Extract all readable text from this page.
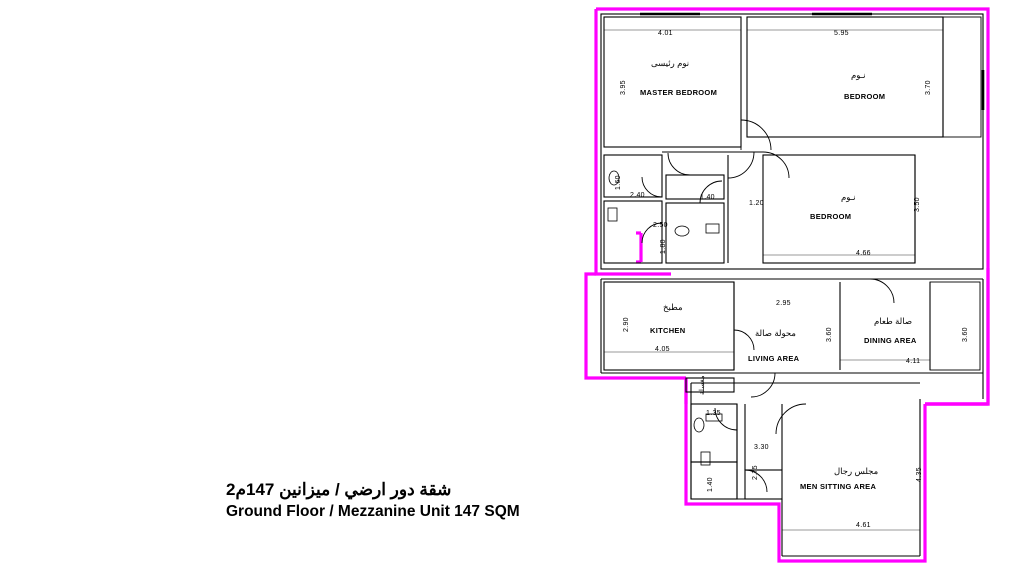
نوم رئيسى
MASTER BEDROOM
4.01
3.95
نـوم
BEDROOM
5.95
3.70
نـوم
BEDROOM
4.66
3.50
مطبخ
KITCHEN
4.05
2.90
محولة صالة
LIVING AREA
2.95
3.60
صالة طعام
DINING AREA
4.11
3.60
مجلس رجال
MEN SITTING AREA
4.61
4.35
2.40
1.60
1.40
1.20
2.50
1.80
1.35
3.30
2.75
1.40
مغسلة
شقة دور ارضي / ميزانين 147م2
Ground Floor / Mezzanine Unit 147 SQM
